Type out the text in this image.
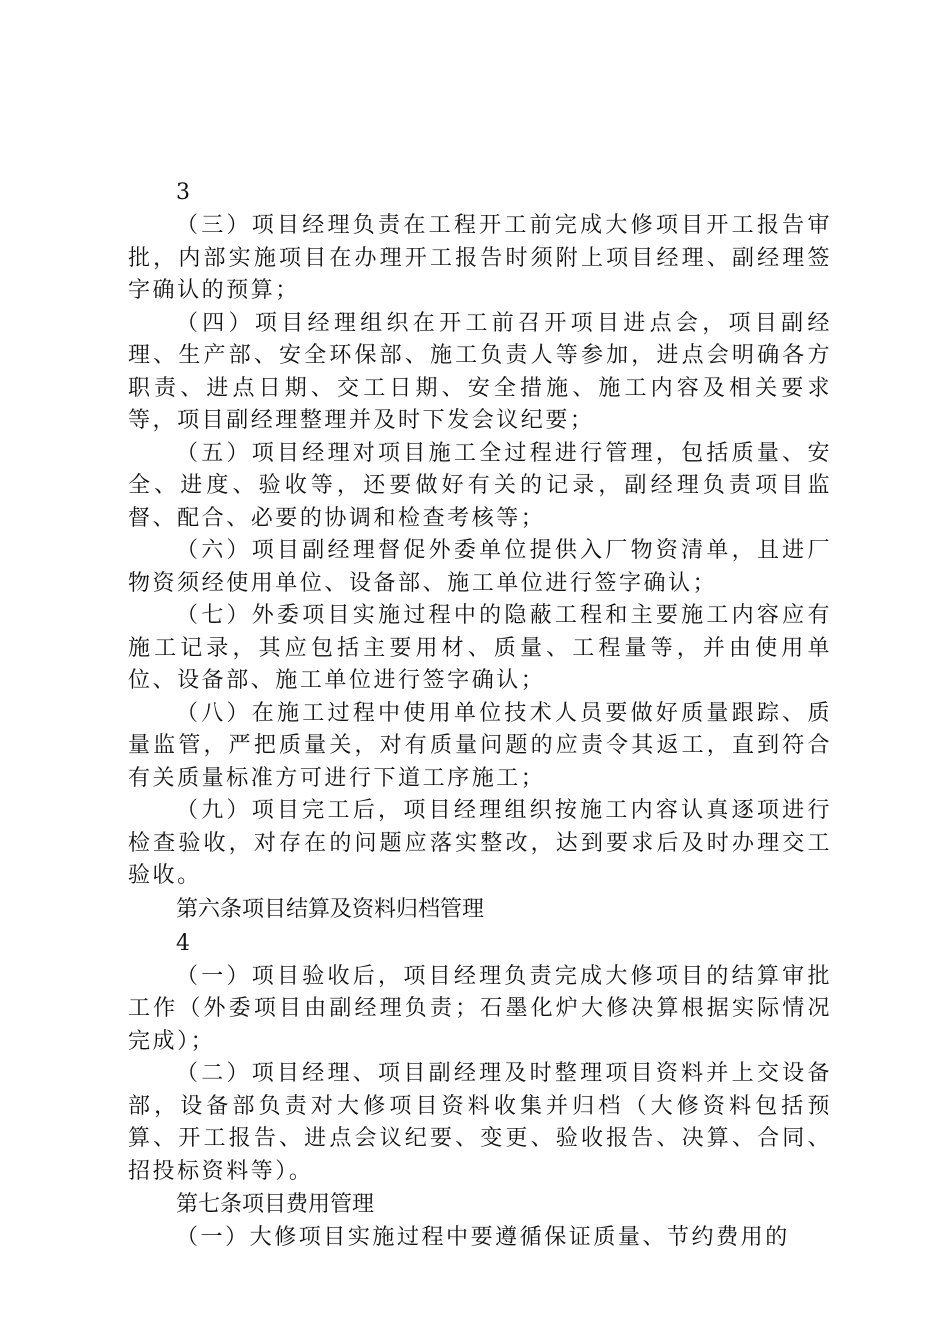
3

（三）项目经理负责在工程开工前完成大修项目开工报告审批，内部实施项目在办理开工报告时须附上项目经理、副经理签字确认的预算；

（四）项目经理组织在开工前召开项目进点会，项目副经理、生产部、安全环保部、施工负责人等参加，进点会明确各方职责、进点日期、交工日期、安全措施、施工内容及相关要求等，项目副经理整理并及时下发会议纪要；

（五）项目经理对项目施工全过程进行管理，包括质量、安全、进度、验收等，还要做好有关的记录，副经理负责项目监督、配合、必要的协调和检查考核等；

（六）项目副经理督促外委单位提供入厂物资清单，且进厂物资须经使用单位、设备部、施工单位进行签字确认；

（七）外委项目实施过程中的隐蔽工程和主要施工内容应有施工记录，其应包括主要用材、质量、工程量等，并由使用单位、设备部、施工单位进行签字确认；

（八）在施工过程中使用单位技术人员要做好质量跟踪、质量监管，严把质量关，对有质量问题的应责令其返工，直到符合有关质量标准方可进行下道工序施工；

（九）项目完工后，项目经理组织按施工内容认真逐项进行检查验收，对存在的问题应落实整改，达到要求后及时办理交工验收。

第六条项目结算及资料归档管理

4

（一）项目验收后，项目经理负责完成大修项目的结算审批工作（外委项目由副经理负责；石墨化炉大修决算根据实际情况完成）；

（二）项目经理、项目副经理及时整理项目资料并上交设备部，设备部负责对大修项目资料收集并归档（大修资料包括预算、开工报告、进点会议纪要、变更、验收报告、决算、合同、招投标资料等）。

第七条项目费用管理

（一）大修项目实施过程中要遵循保证质量、节约费用的
